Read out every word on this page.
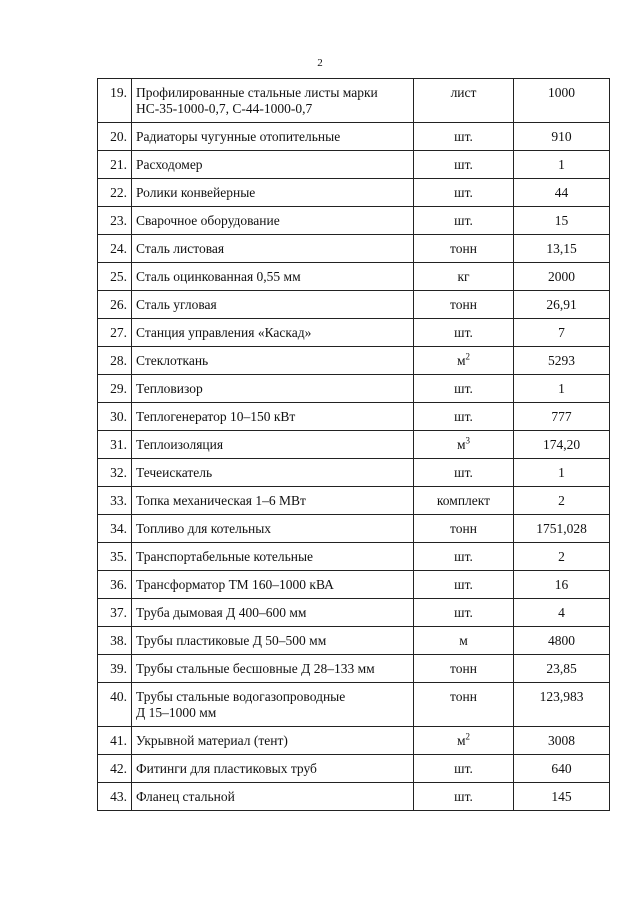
2
19.	Профилированные стальные листы марки
НС-35-1000-0,7, С-44-1000-0,7	лист	1000
20.	Радиаторы чугунные отопительные	шт.	910
21.	Расходомер	шт.	1
22.	Ролики конвейерные	шт.	44
23.	Сварочное оборудование	шт.	15
24.	Сталь листовая	тонн	13,15
25.	Сталь оцинкованная 0,55 мм	кг	2000
26.	Сталь угловая	тонн	26,91
27.	Станция управления «Каскад»	шт.	7
28.	Стеклоткань	$м^2$	5293
29.	Тепловизор	шт.	1
30.	Теплогенератор 10–150 кВт	шт.	777
31.	Теплоизоляция	$м^3$	174,20
32.	Течеискатель	шт.	1
33.	Топка механическая 1–6 МВт	комплект	2
34.	Топливо для котельных	тонн	1751,028
35.	Транспортабельные котельные	шт.	2
36.	Трансформатор ТМ 160–1000 кВА	шт.	16
37.	Труба дымовая Д 400–600 мм	шт.	4
38.	Трубы пластиковые Д 50–500 мм	м	4800
39.	Трубы стальные бесшовные Д 28–133 мм	тонн	23,85
40.	Трубы стальные водогазопроводные
Д 15–1000 мм	тонн	123,983
41.	Укрывной материал (тент)	$м^2$	3008
42.	Фитинги для пластиковых труб	шт.	640
43.	Фланец стальной	шт.	145
